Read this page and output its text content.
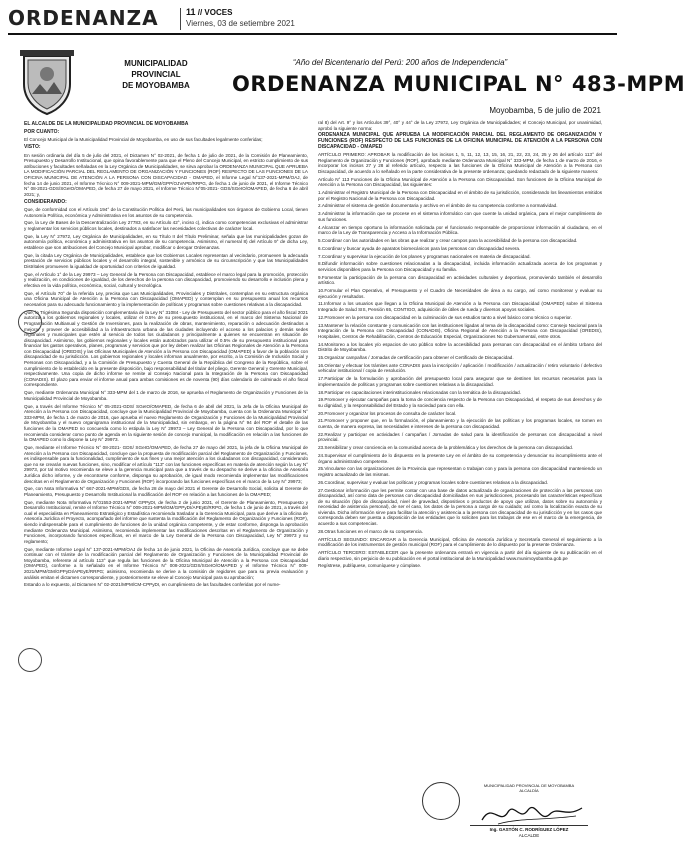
ORDENANZA	11 // VOCES
Viernes, 03 de setiembre 2021
MUNICIPALIDAD
PROVINCIAL
DE MOYOBAMBA
“Año del Bicentenario del Perú: 200 años de Independencia”
ORDENANZA MUNICIPAL N° 483-MPM
Moyobamba, 5 de julio de 2021

EL ALCALDE DE LA MUNICIPALIDAD PROVINCIAL DE MOYOBAMBA

POR CUANTO:

El Concejo Municipal de la Municipalidad Provincial de Moyobamba, en uso de sus facultades legalmente conferidas;

VISTO:

En sesión ordinaria del día 5 de julio del 2021, el Dictamen N° 02-2021, de fecha 1 de julio de 2021, de la Comisión de Planeamiento, Presupuesto y Desarrollo Institucional, que opina favorablemente para que el Pleno del Concejo Municipal, en estricto cumplimiento de sus atribuciones y facultades señaladas en la Ley Orgánica de Municipalidades, se sirva aprobar la ORDENANZA MUNICIPAL QUE APRUEBA LA MODIFICACIÓN PARCIAL DEL REGLAMENTO DE ORGANIZACIÓN Y FUNCIONES (ROF) RESPECTO DE LAS FUNCIONES DE LA OFICINA MUNICIPAL DE ATENCIÓN A LA PERSONA CON DISCAPACIDAD - OMAPED, el Informe Legal N°137-2021-MPM/OAJ, de fecha 14 de junio 2021, el Informe Técnico N° 009-2021-MPM/GM/GPP/OJVAPE/RRPG, de fecha 1 de junio de 2021, el Informe Técnico N° 08-2021-GDS/SGeIO/OMAPED, de fecha 27 de mayo 2021, el Informe Técnico N°05-2021- GDS/SGeIO/OMAPED, de fecha 6 de abril 2021; y,

CONSIDERANDO:

Que, de conformidad con el Artículo 194° de la Constitución Política del Perú, las municipalidades son órganos de Gobierno Local, tienen Autonomía Política, económica y Administrativa en los asuntos de su competencia.

Que, la Ley de Bases de la Descentralización Ley 27783, en su Artículo 42°, inciso c), indica como competencias exclusivas el administrar y reglamentar los servicios públicos locales, destinados a satisfacer las necesidades colectivas de carácter local.

Que, la Ley N° 27972, Ley Orgánica de Municipalidades, en su Título II del Título Preliminar, señala que las municipalidades gozan de autonomía política, económica y administrativa en los asuntos de su competencia. Asimismo, el numeral 8) del Artículo 9° de dicha Ley, establece que son atribuciones del Concejo Municipal aprobar, modificar o derogar Ordenanzas.

Que, la citada Ley Orgánica de Municipalidades, establece que los Gobiernos Locales representan al vecindario, promueven la adecuada prestación de servicios públicos locales y el desarrollo integral, sostenible y armónico de su circunscripción y que las Municipalidades Distritales promueven la igualdad de oportunidad con criterios de igualdad.

Que, el Artículo 1° de la Ley 29973 – Ley General de la Persona con Discapacidad, establece el marco legal para la promoción, protección y realización, en condiciones de igualdad, de los derechos de la persona con discapacidad, promoviendo su desarrollo e inclusión plena y efectiva en la vida política, económica, social, cultural y tecnológica.

Que, el Artículo 70° de la referida Ley, precisa que Las Municipalidades, Provinciales y Distritales, contemplan en su estructura orgánica una Oficina Municipal de Atención a la Persona con Discapacidad (OMAPED) y contemplan en su presupuesto anual los recursos necesarios para su adecuado funcionamiento y la implementación de políticas y programas sobre cuestiones relativas a la discapacidad.

Que, la Trigésima Segunda disposición complementaria de la Ley N° 31084 - Ley de Presupuesto del sector público para el año fiscal 2021 autoriza a los gobiernos regionales y locales, utilizar el 0.5% de su presupuesto institucional, en el marco del Sistema Nacional de Programación Multianual y Gestión de Inversiones, para la realización de obras, mantenimiento, reparación o adecuación destinados a mejorar y proveer de accesibilidad a la infraestructura urbana de las ciudades incluyendo el acceso a los palacios y demás sedes regionales y municipales que estén al servicio de todos los ciudadanos y principalmente a quienes se encuentran en situación de discapacidad. Asimismo, los gobiernos regionales y locales están autorizados para utilizar el 0.5% de su presupuesto institucional para financiar los gastos operativos, planes, programas y servicios que por ley deben realizar las Oficinas Regionales de Atención a la Persona con Discapacidad (OREDIS) y las Oficinas Municipales de Atención a la Persona con Discapacidad (OMAPED) a favor de la población con discapacidad de su jurisdicción. Los gobiernos regionales y locales informan anualmente, por escrito, a la Comisión de Inclusión Social y Personas con Discapacidad, y a la Comisión de Presupuesto y Cuenta General de la República del Congreso de la República, sobre el cumplimiento de lo establecido en la presente disposición, bajo responsabilidad del titular del pliego, Gerente General y Gerente Municipal, respectivamente. Una copia de dicho informe se remite al Consejo Nacional para la Integración de la Persona con Discapacidad (CONADIS). El plazo para enviar el informe anual para ambas comisiones es de noventa (90) días calendario de culminado el año fiscal correspondiente.

Que, mediante Ordenanza Municipal N° 333-MPM del 1 de marzo de 2016, se aprueba el Reglamento de Organización y Funciones de la Municipalidad Provincial de Moyobamba.

Que, a través del Informe Técnico N° 05-2021-GDS/ SGeIO/OMAPED, de fecha 6 de abril del 2021, la Jefa de la Oficina Municipal de Atención a la Persona con Discapacidad, concluye que la Municipalidad Provincial de Moyobamba, cuenta con la Ordenanza Municipal N° 333-MPM, de fecha 1 de marzo de 2016, que aprueba el nuevo Reglamento de Organización y Funciones de la Municipalidad Provincial de Moyobamba y el nuevo organigrama institucional de la Municipalidad, sin embargo, en la página N° 94 del ROF el detalle de las funciones de la OMAPED no concuerda como lo estipula la Ley N° 29973 – Ley General de la Persona con Discapacidad, por lo que recomienda considerar como punto de agenda en la siguiente sesión de concejo municipal, la modificación en relación a las funciones de la OMAPED como lo dispone la Ley N° 29973.

Que, mediante el Informe Técnico N° 08-2021- GDS/ SGeIO/OMAPED, de fecha 27 de mayo del 2021, la jefa de la Oficina Municipal de Atención a la Persona con Discapacidad, concluye que la propuesta de modificación parcial del Reglamento de Organización y Funciones, es indispensable para la funcionalidad, cumplimiento de sus fines y una mejor atención a los ciudadanos con discapacidad, considerando que no se crearán nuevas funciones, sino, modificar el artículo "113" con las funciones específicas en materia de atención según la Ley N° 29973, por tal motivo recomienda se eleve a la gerencia municipal para que a través de su despacho se derive a la oficina de Asesoría Jurídica dicho informe, y de encontrarse conforme, disponga su aprobación, de igual modo recomienda implementar las modificaciones descritas en el Reglamento de Organización y Funciones (ROF) incorporando las funciones específicas en el marco de la Ley N° 29973;

Que, con Nota Informativa N° 667-2021-MPM/GDS, de fecha 28 de mayo del 2021 el Gerente de Desarrollo Social, solicita al Gerente de Planeamiento, Presupuesto y Desarrollo Institucional la modificación del ROF en relación a las funciones de la OMAPED;

Que, mediante Nota Informativa N°01553-2021-MPM/ GPPyDI, de fecha 2 de junio 2021, el Gerente de Planeamiento, Presupuesto y Desarrollo Institucional, remite el Informe Técnico N° 009-2021-MPM/GM/GPPyDI/APEyE/RRPG, de fecha 1 de junio de 2021, a través del cual el especialista en Planeamiento Estratégico y Estadística recomienda trasladar a la Gerencia Municipal, para que derive a la oficina de Asesoría Jurídica el Proyecto, acompañado del informe que sustenta la modificación del Reglamento de Organización y Funciones (ROF), siendo indispensable para el cumplimiento de funciones de la unidad orgánica competente, y de estar conforme, disponga la aprobación mediante Ordenanza Municipal. Asimismo, recomienda implementar las modificaciones descritas en el Reglamento de Organización y Funciones, incorporando funciones específicas, en el marco de la Ley General de la Persona con Discapacidad, Ley N° 29973 y su reglamento;

Que, mediante Informe Legal N° 137-2021-MPM/OAJ de fecha 14 de junio 2021, la Oficina de Asesoría Jurídica, concluye que se debe continuar con el trámite de la modificación parcial del Reglamento de Organización y Funciones de la Municipalidad Provincial de Moyobamba, referente al artículo 113° que regula las funciones de la Oficina Municipal de Atención a la Persona con Discapacidad (OMAPED), conforme a lo señalado en el Informe Técnico N° 008-2021/GDS/SGeIO/OMAPED y el Informe Técnico N° 009-2021/MPM/GM/GPPyDI/APEyE/RRPG; asimismo, recomienda se derive a la comisión de regidores que para su previa evaluación y análisis emitan el dictamen correspondiente, y posteriormente se eleve al Concejo Municipal para su aprobación;

Estando a lo expuesto, al Dictamen N° 02-2021/MPM/CM-CPPyDI, en cumplimiento de las facultades conferidas por el nume-

ral 8) del Art. 9° y los Artículos 39°, 40° y 44° de la Ley 27972, Ley Orgánica de Municipalidades; el Concejo Municipal, por unanimidad, aprobó la siguiente norma:

ORDENANZA MUNICIPAL QUE APRUEBA LA MODIFICACIÓN PARCIAL DEL REGLAMENTO DE ORGANIZACIÓN Y FUNCIONES (ROF) RESPECTO DE LAS FUNCIONES DE LA OFICINA MUNICIPAL DE ATENCIÓN A LA PERSONA CON DISCAPACIDAD - OMAPED

ARTÍCULO PRIMERO: APROBAR la modificación de los incisos 1, 5, 11, 12, 13, 15, 16, 21, 22, 23, 24, 25 y 26 del artículo 113° del Reglamento de Organización y Funciones (ROF), aprobado mediante Ordenanza Municipal N° 333-MPM, de fecha 1 de marzo de 2016, e incorporar los incisos 27 y 28 al referido artículo, respecto a las funciones de la Oficina Municipal de Atención a la Persona con Discapacidad, de acuerdo a lo señalado en la parte considerativa de la presente ordenanza; quedando redactado de la siguiente manera:

Artículo N° 113 Funciones de la Oficina Municipal de Atención a la Persona con Discapacidad. Son funciones de la Oficina Municipal de Atención a la Persona con Discapacidad, las siguientes:

1.Administrar el Registro Municipal de la Persona con Discapacidad en el ámbito de su jurisdicción, considerando los lineamientos emitidos por el Registro Nacional de la Persona con Discapacidad.

2.Administrar el sistema de gestión documentaria y archivo en el ámbito de su competencia conforme a normatividad.

3.Administrar la información que se procese en el sistema informático con que cuente la unidad orgánica, para el mejor cumplimiento de sus funciones.

4.Alcanzar en tiempo oportuno la información solicitada por el funcionario responsable de proporcionar información al ciudadano, en el marco de la Ley de Transparencia y Acceso a la Información Pública.

5.Coordinar con las autoridades en las obras que realizar y crear campos para la accesibilidad de la persona con discapacidad.

6.Coordinar y buscar ayuda de aparatos biomecánicos para las personas con discapacidad severa.

7.Coordinar y supervisar la ejecución de los planes y programas nacionales en materia de discapacidad.

8.Difundir información sobre cuestiones relacionadas a la discapacidad, incluida información actualizada acerca de los programas y servicios disponibles para la Persona con Discapacidad y su familia.

9.Fomentar la participación de la persona con discapacidad en actividades culturales y deportivas, promoviendo también el desarrollo artístico.

10.Formular el Plan Operativo, el Presupuesto y el Cuadro de Necesidades de área a su cargo, así como monitorear y evaluar su ejecución y resultados.

11.Informar a los usuarios que llegan a la Oficina Municipal de Atención a la Persona con Discapacidad (OMAPED) sobre el Sistema Integrado de Salud SIS, Pensión 65, CONTIGO, adquisición de útiles de rueda y diversos apoyos sociales.

12.Promover en la persona con discapacidad en la culminación de sus estudios tanto a nivel básico como técnico o superior.

13.Mantener la relación constante y comunicación con las instituciones ligadas al tema de la discapacidad como: Consejo Nacional para la Integración de la Persona con Discapacidad (CONADIS), Oficina Regional de Atención a la Persona con Discapacidad (OREDIS), Hospitales, Centros de Rehabilitación, Centros de Educación Especial, Organizaciones No Gubernamental, entre otros.

14.Monitoreo a los locales y/o espacios de uso público sobre la accesibilidad para personas con discapacidad en el ámbito Urbano del Distrito de Moyobamba.

15.Organizar campañas / Jornadas de certificación para obtener el Certificado de Discapacidad.

16.Orientar y efectuar los trámites ante CONADIS para la inscripción / aplicación / modificación / actualización / retiro voluntario / defectivo vehicular institucional / copia de resolución.

17.Participar de la formulación y aprobación del presupuesto local para asegurar que se destinen los recursos necesarios para la implementación de políticas y programas sobre cuestiones relativas a la discapacidad.

18.Participar en capacitaciones interinstitucionales relacionadas con la temática de la discapacidad.

19.Promover y ejecutar campañas para la toma de conciencia respecto de la Persona con Discapacidad, el respeto de sus derechos y de su dignidad, y la responsabilidad del Estado y la sociedad para con ella.

20.Promover y organizar los procesos de consulta de carácter local.

21.Promover y proponer que, en la formulación, el planeamiento y la ejecución de las políticas y los programas locales, se tomen en cuenta, de manera expresa, las necesidades e intereses de la persona con discapacidad.

22.Realizar y participar en actividades / campañas / Jornadas de salud para la identificación de personas con discapacidad a nivel provincial.

23.Sensibilizar y crear conciencia en la comunidad acerca de la problemática y los derechos de la persona con discapacidad.

24.Supervisar el cumplimiento de lo dispuesto en la presente Ley en el ámbito de su competencia y denunciar su incumplimiento ante el órgano administrativo competente.

25.Vincularse con las organizaciones de la Provincia que representan o trabajan con y para la persona con discapacidad manteniendo un registro actualizado de las mismas.

26.Coordinar, supervisar y evaluar las políticas y programas locales sobre cuestiones relativas a la discapacidad.

27.Gestionar información que les permite contar con una base de datos actualizada de organizaciones de protección a las personas con discapacidad, así como data de personas con discapacidad domiciliadas en sus jurisdicciones, procesando las características específicas de su situación (tipo de discapacidad, nivel de gravedad, dispositivos o productos de apoyo que utilizan, datos sobre su autonomía y necesidad de asistencia personal), de ser el caso, los datos de la persona a cargo de su cuidado; así como la localización exacta de su vivienda. Dicha información sirve para facilitar la atención y asistencia a la persona con discapacidad de su jurisdicción y en los casos que corresponda deben ser puesta a disposición de las entidades que lo soliciten para los trabajos de ese en el marco de la emergencia, de acuerdo a sus competencias.

28.Otras funciones en el marco de su competencia.

ARTÍCULO SEGUNDO: ENCARGAR a la Gerencia Municipal, Oficina de Asesoría Jurídica y Secretaría General el seguimiento a la modificación de los instrumentos de gestión municipal (ROF) para el cumplimiento de lo dispuesto por la presente Ordenanza.

ARTÍCULO TERCERO: ESTABLECER que la presente ordenanza entrará en vigencia a partir del día siguiente de su publicación en el diario respectivo, sin perjuicio de su publicación en el portal institucional de la Municipalidad www.munimoyobamba.gob.pe

Regístrese, publíquese, comuníquese y cúmplase.

MUNICIPALIDAD PROVINCIAL DE MOYOBAMBA
ALCALDÍA
Ing. GASTÓN C. RODRÍGUEZ LÓPEZ
ALCALDE
